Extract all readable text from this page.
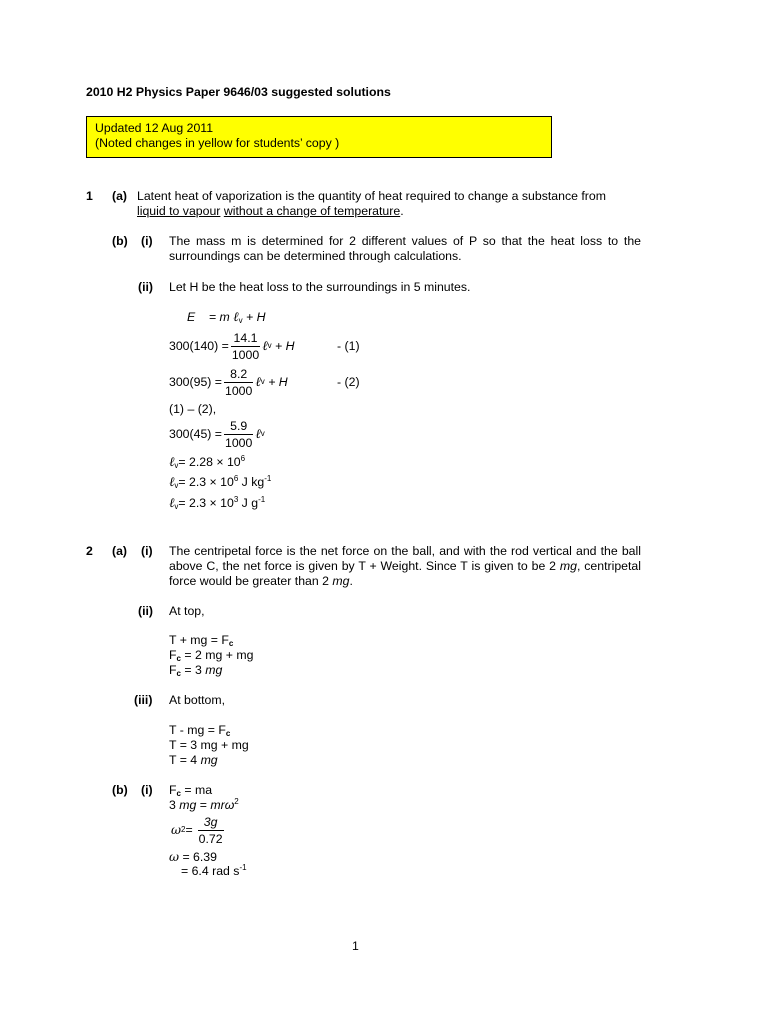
2010 H2 Physics Paper 9646/03 suggested solutions
Updated 12 Aug 2011
(Noted changes in yellow for students’ copy )
1 (a) Latent heat of vaporization is the quantity of heat required to change a substance from
liquid to vapour without a change of temperature.
(b) (i) The mass m is determined for 2 different values of P so that the heat loss to the surroundings can be determined through calculations.
(ii) Let H be the heat loss to the surroundings in 5 minutes.
E = m ℓ$_v$ + H
$300(140) = \frac{14.1}{1000}$ ℓ v
+ H	- (1)
$300(95) = \frac{8.2}{1000}$ ℓ v
+ H	- (2)
(1) – (2),
$300(45) = \frac{5.9}{1000}$ ℓ v
ℓ$_v$= $2.28 \times 10^6$
ℓ$_v$= $2.3 \times 10^6$ J $kg^{-1}$
ℓ$_v$= $2.3 \times 10^3$ J $g^{-1}$
2 (a) (i) The centripetal force is the net force on the ball, and with the rod vertical and the ball above C, the net force is given by T + Weight. Since T is given to be 2 mg, centripetal force would be greater than 2 mg.
(ii) At top,
T + mg = $F_c$
$F_c = 2$ mg + mg
$F_c = 3$ mg
(iii) At bottom,
T - mg = $F_c$
T = 3 mg + mg
T = 4 mg
(b) (i) $F_c$ = ma
3 mg = mrω$^2$
ω $2 = \frac{3g}{0.72}$
ω = 6.39
= 6.4 rad $s^{-1}$
1
